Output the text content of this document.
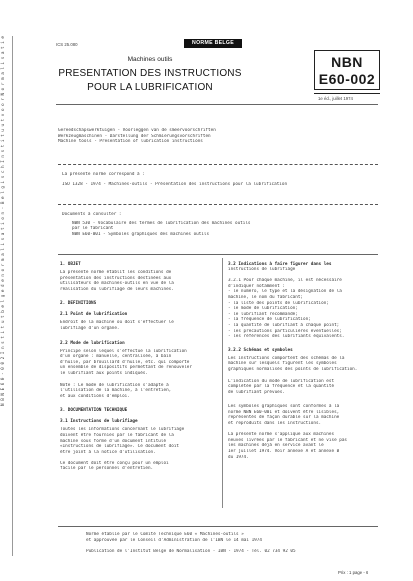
N B N E 6 0 - 0 0 2 I n s t i t u t b e l g e d e n o r m a l i s a t i o n - B e l g i s c h I n s t i t u u t v o o r N o r m a l i s a t i e	ICS 25.080	NORME BELGE
Machines outils
PRESENTATION DES INSTRUCTIONS
POUR LA LUBRIFICATION
NBN
E60-002
1e éd., juillet 1974
Gereedschapswerktuigen - Voorleggen van de smeervoorschriften
Werkzeugmaschinen - Darstellung der Schmierungsvorschriften
Machine tools - Presentation of lubrication instructions
La présente norme correspond à :
ISO 1328 - 1974 - Machines-outils - Présentation des instructions pour la lubrification
Documents à consulter :
NBN 530 - Vocabulaire des termes de lubrification des machines outils
par le fabricant
NBN E60-001 - Symboles graphiques des machines outils
1. OBJET
La présente norme établit les conditions de
présentation des instructions destinées aux
utilisateurs de machines-outils en vue de la
réalisation du lubrifiage de leurs machines.
2. DEFINITIONS
2.1 Point de lubrification
Endroit de la machine où doit s'effectuer le
lubrifiage d'un organe.
2.2 Mode de lubrification
Principe selon lequel s'effectue la lubrification
d'un organe : manuelle, centralisée, à bain
d'huile, par brouillard d'huile, etc. qui comporte
un ensemble de dispositifs permettant de renouveler
le lubrifiant aux points indiqués.
Note : Le mode de lubrification s'adapte à
l'utilisation de la machine, à l'entretien,
et aux conditions d'emploi.
3. DOCUMENTATION TECHNIQUE
3.1 Instructions de lubrifiage
Toutes les informations concernant le lubrifiage
doivent être fournies par le fabricant de la
machine sous forme d'un document intitulé
«Instructions de lubrifiage». Ce document doit
être joint à la notice d'utilisation.

Ce document doit être conçu pour un emploi
facile par le personnel d'entretien.
3.2 Indications à faire figurer dans les
instructions de lubrifiage

3.2.1 Pour chaque machine, il est nécessaire
d'indiquer notamment :
- le numéro, le type et la désignation de la
machine, le nom du fabricant;
- la liste des points de lubrification;
- le mode de lubrification;
- le lubrifiant recommandé;
- la fréquence de lubrification;
- la quantité de lubrifiant à chaque point;
- les précautions particulières éventuelles;
- les références des lubrifiants équivalents.
3.2.2 Schémas et symboles
Les instructions comportent des schémas de la
machine sur lesquels figurent les symboles
graphiques normalisés des points de lubrification.
L'indication du mode de lubrification est
complétée par la fréquence et la quantité
de lubrifiant prévues.
Les symboles graphiques sont conformes à la
norme NBN E60-001 et doivent être lisibles,
représentés de façon durable sur la machine
et reproduits dans les instructions.

La présente norme s'applique aux machines
neuves livrées par le fabricant et ne vise pas
les machines déjà en service avant le
1er juillet 1974. Voir annexe A et annexe B
du 1974.
Norme établie par le Comité Technique E60 « Machines-outils »
et approuvée par le Conseil d'Administration de l'IBN le 14 mai 1974
Publication de l'Institut Belge de Normalisation - IBN - 1974 - Tél. 02 734 92 05
Prix : 1 page - 6
